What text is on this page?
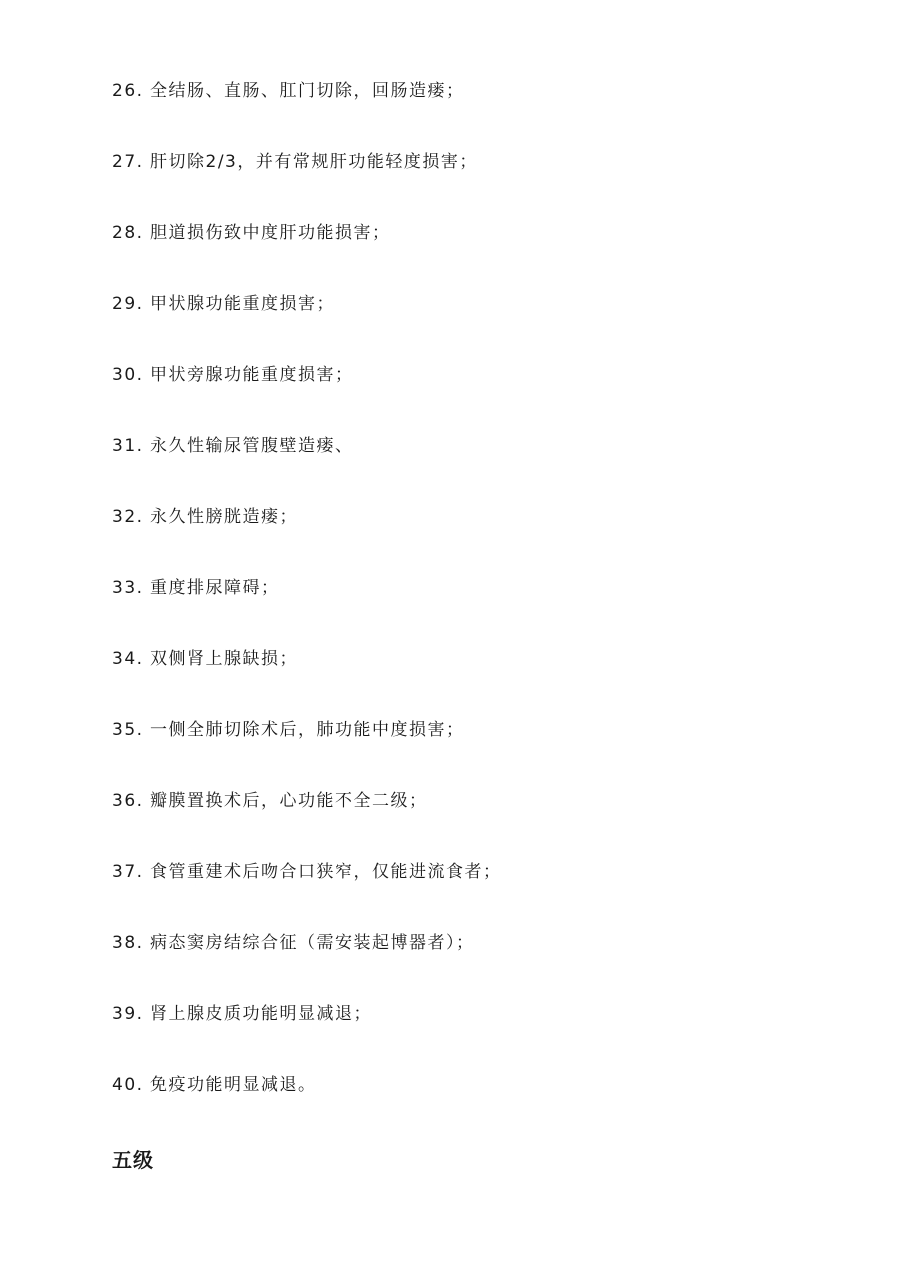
26. 全结肠、直肠、肛门切除，回肠造瘘；
27. 肝切除2/3，并有常规肝功能轻度损害；
28. 胆道损伤致中度肝功能损害；
29. 甲状腺功能重度损害；
30. 甲状旁腺功能重度损害；
31. 永久性输尿管腹壁造瘘、
32. 永久性膀胱造瘘；
33. 重度排尿障碍；
34. 双侧肾上腺缺损；
35. 一侧全肺切除术后，肺功能中度损害；
36. 瓣膜置换术后，心功能不全二级；
37. 食管重建术后吻合口狭窄，仅能进流食者；
38. 病态窦房结综合征（需安装起博器者）；
39. 肾上腺皮质功能明显减退；
40. 免疫功能明显减退。
五级
